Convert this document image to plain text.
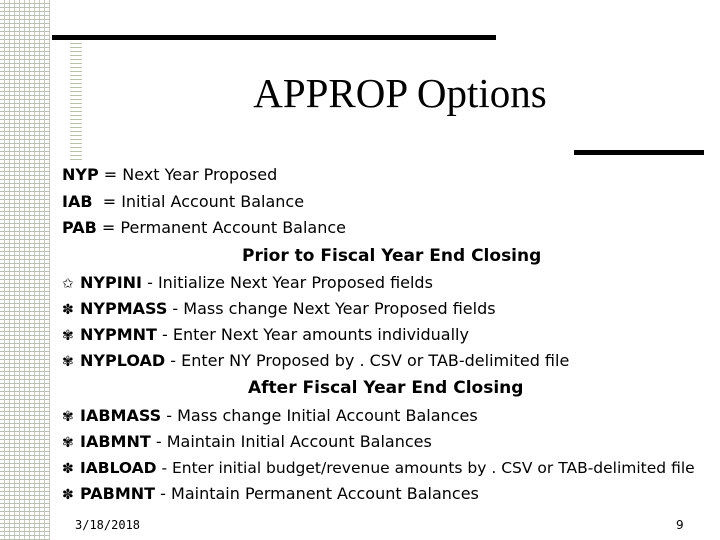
APPROP Options
NYP = Next Year Proposed
IAB  = Initial Account Balance
PAB = Permanent Account Balance
Prior to Fiscal Year End Closing
✩ NYPINI - Initialize Next Year Proposed fields
✽ NYPMASS - Mass change Next Year Proposed fields
✾ NYPMNT - Enter Next Year amounts individually
✾ NYPLOAD - Enter NY Proposed by . CSV or TAB-delimited file
After Fiscal Year End Closing
✾ IABMASS - Mass change Initial Account Balances
✾ IABMNT - Maintain Initial Account Balances
✽ IABLOAD - Enter initial budget/revenue amounts by . CSV or TAB-delimited file
✽ PABMNT - Maintain Permanent Account Balances
3/18/2018	9
